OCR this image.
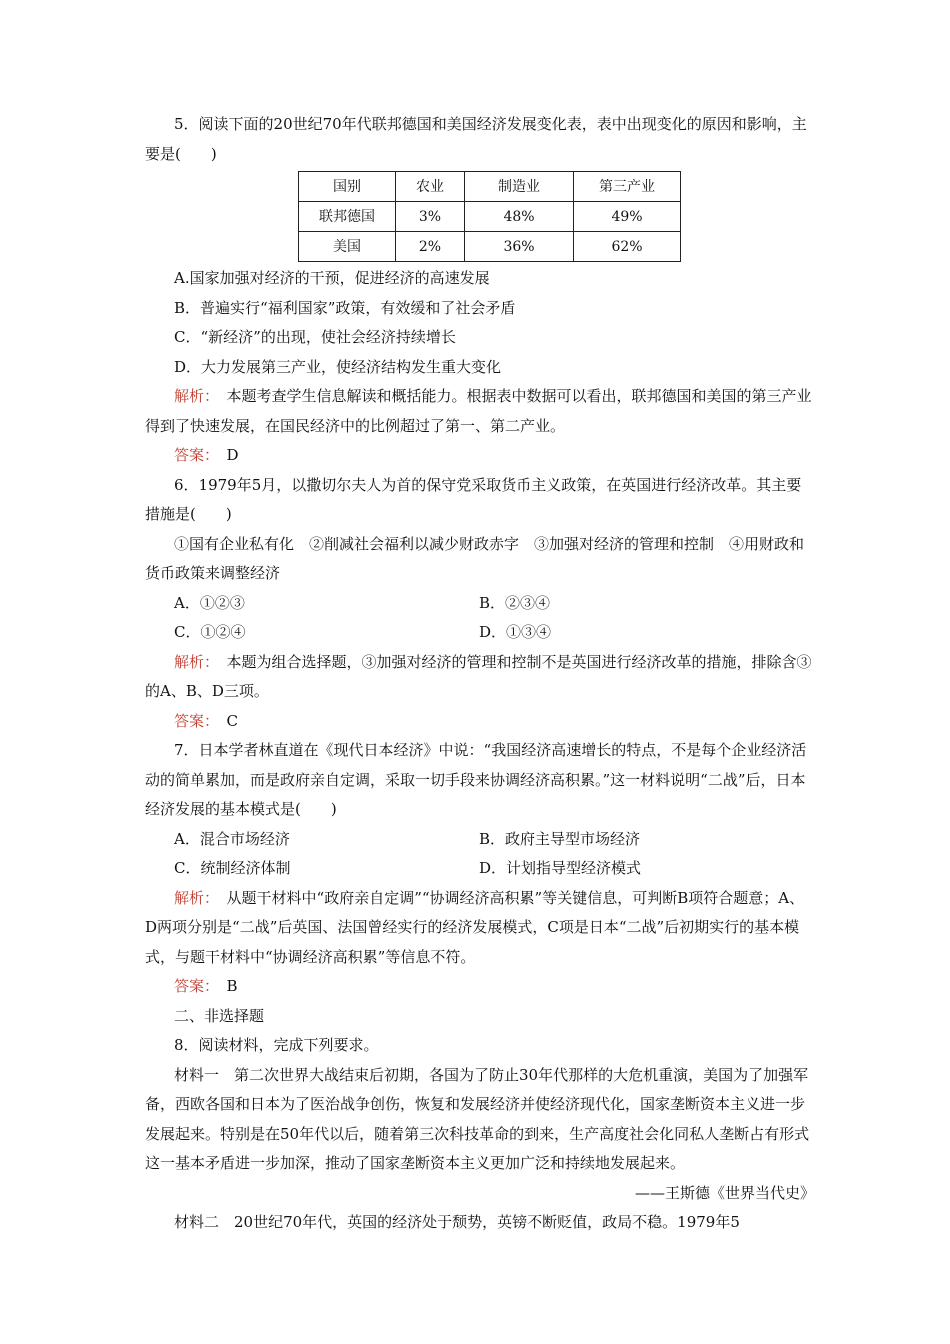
5．阅读下面的20世纪70年代联邦德国和美国经济发展变化表，表中出现变化的原因和影响，主要是(　　)

国别	农业	制造业	第三产业
联邦德国	3%	48%	49%
美国	2%	36%	62%

A.国家加强对经济的干预，促进经济的高速发展

B．普遍实行“福利国家”政策，有效缓和了社会矛盾

C．“新经济”的出现，使社会经济持续增长

D．大力发展第三产业，使经济结构发生重大变化

解析：　 本题考查学生信息解读和概括能力。根据表中数据可以看出，联邦德国和美国的第三产业得到了快速发展，在国民经济中的比例超过了第一、第二产业。

答案：　 D

6．1979年5月，以撒切尔夫人为首的保守党采取货币主义政策，在英国进行经济改革。其主要措施是(　　)

①国有企业私有化　②削减社会福利以减少财政赤字　③加强对经济的管理和控制　④用财政和货币政策来调整经济

A．①②③	B．②③④
C．①②④	D．①③④

解析：　 本题为组合选择题，③加强对经济的管理和控制不是英国进行经济改革的措施，排除含③的A、B、D三项。

答案：　 C

7．日本学者林直道在《现代日本经济》中说：“我国经济高速增长的特点，不是每个企业经济活动的简单累加，而是政府亲自定调，采取一切手段来协调经济高积累。”这一材料说明“二战”后，日本经济发展的基本模式是(　　)

A．混合市场经济	B．政府主导型市场经济
C．统制经济体制	D．计划指导型经济模式

解析：　 从题干材料中“政府亲自定调”“协调经济高积累”等关键信息，可判断B项符合题意；A、D两项分别是“二战”后英国、法国曾经实行的经济发展模式，C项是日本“二战”后初期实行的基本模式，与题干材料中“协调经济高积累”等信息不符。

答案：　 B

二、非选择题

8．阅读材料，完成下列要求。

材料一　第二次世界大战结束后初期，各国为了防止30年代那样的大危机重演，美国为了加强军备，西欧各国和日本为了医治战争创伤，恢复和发展经济并使经济现代化，国家垄断资本主义进一步发展起来。特别是在50年代以后，随着第三次科技革命的到来，生产高度社会化同私人垄断占有形式这一基本矛盾进一步加深，推动了国家垄断资本主义更加广泛和持续地发展起来。

——王斯德《世界当代史》

材料二　20世纪70年代，英国的经济处于颓势，英镑不断贬值，政局不稳。1979年5
